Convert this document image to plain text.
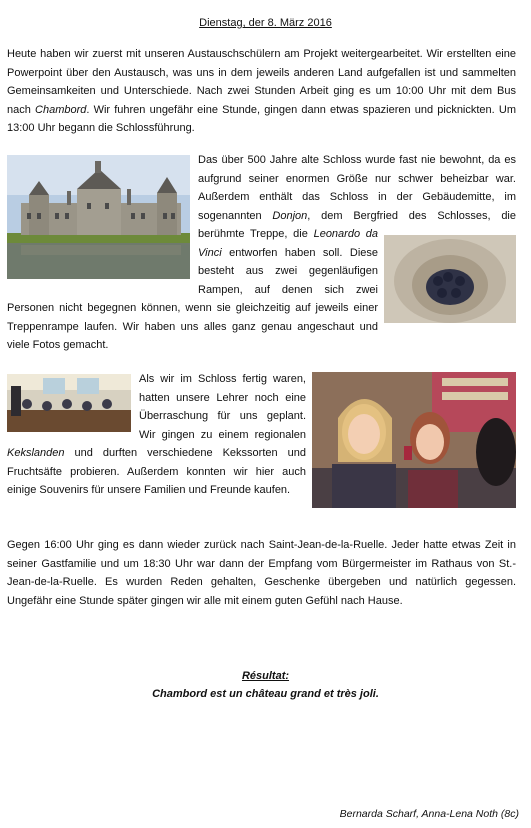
Dienstag, der 8. März 2016

Heute haben wir zuerst mit unseren Austauschschülern am Projekt weitergearbeitet. Wir erstellten eine Powerpoint über den Austausch, was uns in dem jeweils anderen Land aufgefallen ist und sammelten Gemeinsamkeiten und Unterschiede. Nach zwei Stunden Arbeit ging es um 10:00 Uhr mit dem Bus nach Chambord. Wir fuhren ungefähr eine Stunde, gingen dann etwas spazieren und picknickten. Um 13:00 Uhr begann die Schlossführung.

Das über 500 Jahre alte Schloss wurde fast nie bewohnt, da es aufgrund seiner enormen Größe nur schwer beheizbar war. Außerdem enthält das Schloss in der Gebäudemitte, im sogenannten Donjon, dem Bergfried des Schlosses, die berühmte Treppe, die Leonardo da Vinci entworfen haben soll. Diese besteht aus zwei gegenläufigen Rampen, auf denen sich zwei Personen nicht begegnen können, wenn sie gleichzeitig auf jeweils einer Treppenrampe laufen. Wir haben uns alles ganz genau angeschaut und viele Fotos gemacht.
Als wir im Schloss fertig waren, hatten unsere Lehrer noch eine Überraschung für uns geplant. Wir gingen zu einem regionalen Kekslanden und durften verschiedene Kekssorten und Fruchtsäfte probieren. Außerdem konnten wir hier auch einige Souvenirs für unsere Familien und Freunde kaufen.

Gegen 16:00 Uhr ging es dann wieder zurück nach Saint-Jean-de-la-Ruelle. Jeder hatte etwas Zeit in seiner Gastfamilie und um 18:30 Uhr war dann der Empfang vom Bürgermeister im Rathaus von St.-Jean-de-la-Ruelle. Es wurden Reden gehalten, Geschenke übergeben und natürlich gegessen. Ungefähr eine Stunde später gingen wir alle mit einem guten Gefühl nach Hause.

Résultat:
Chambord est un château grand et très joli.
Bernarda Scharf, Anna-Lena Noth (8c)
